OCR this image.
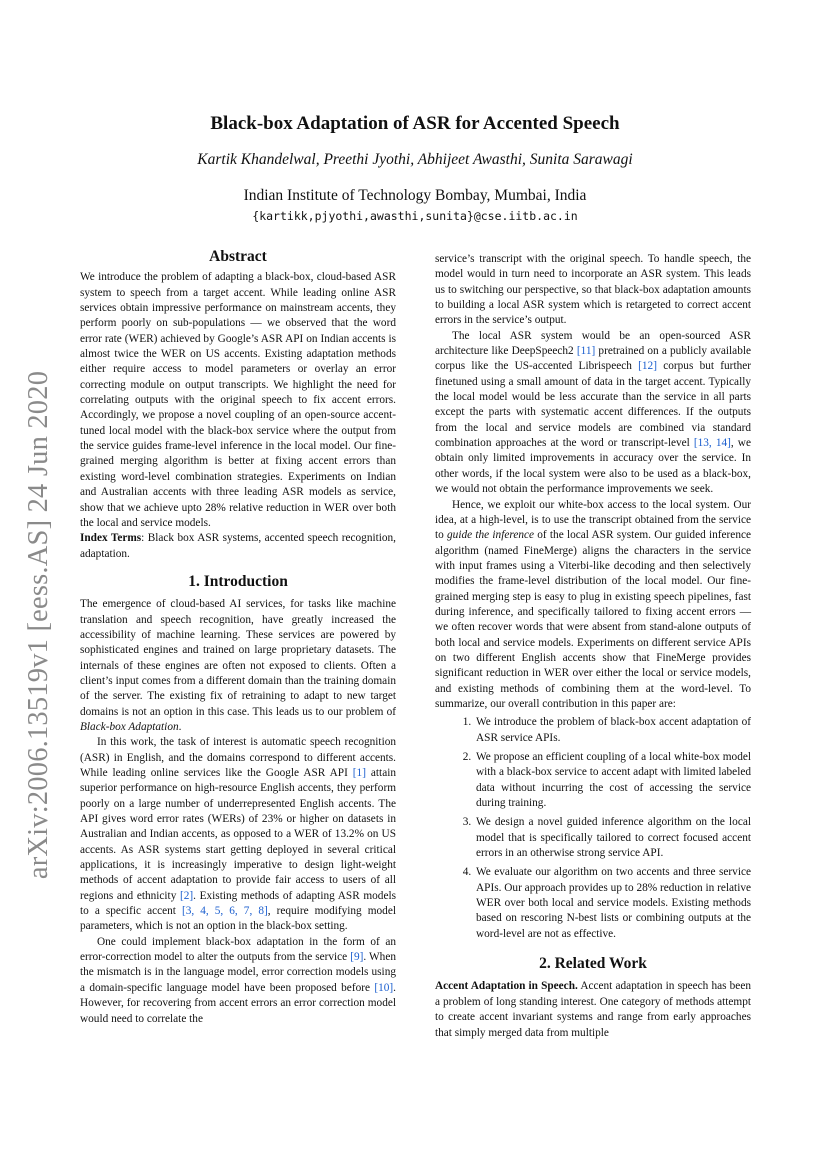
arXiv:2006.13519v1 [eess.AS] 24 Jun 2020
Black-box Adaptation of ASR for Accented Speech

Kartik Khandelwal, Preethi Jyothi, Abhijeet Awasthi, Sunita Sarawagi

Indian Institute of Technology Bombay, Mumbai, India

{kartikk,pjyothi,awasthi,sunita}@cse.iitb.ac.in

Abstract

We introduce the problem of adapting a black-box, cloud-based ASR system to speech from a target accent. While leading online ASR services obtain impressive performance on mainstream accents, they perform poorly on sub-populations — we observed that the word error rate (WER) achieved by Google’s ASR API on Indian accents is almost twice the WER on US accents. Existing adaptation methods either require access to model parameters or overlay an error correcting module on output transcripts. We highlight the need for correlating outputs with the original speech to fix accent errors. Accordingly, we propose a novel coupling of an open-source accent-tuned local model with the black-box service where the output from the service guides frame-level inference in the local model. Our fine-grained merging algorithm is better at fixing accent errors than existing word-level combination strategies. Experiments on Indian and Australian accents with three leading ASR models as service, show that we achieve upto 28% relative reduction in WER over both the local and service models.

Index Terms: Black box ASR systems, accented speech recognition, adaptation.

1. Introduction

The emergence of cloud-based AI services, for tasks like machine translation and speech recognition, have greatly increased the accessibility of machine learning. These services are powered by sophisticated engines and trained on large proprietary datasets. The internals of these engines are often not exposed to clients. Often a client’s input comes from a different domain than the training domain of the server. The existing fix of retraining to adapt to new target domains is not an option in this case. This leads us to our problem of Black-box Adaptation.

In this work, the task of interest is automatic speech recognition (ASR) in English, and the domains correspond to different accents. While leading online services like the Google ASR API [1] attain superior performance on high-resource English accents, they perform poorly on a large number of underrepresented English accents. The API gives word error rates (WERs) of 23% or higher on datasets in Australian and Indian accents, as opposed to a WER of 13.2% on US accents. As ASR systems start getting deployed in several critical applications, it is increasingly imperative to design light-weight methods of accent adaptation to provide fair access to users of all regions and ethnicity [2]. Existing methods of adapting ASR models to a specific accent [3, 4, 5, 6, 7, 8], require modifying model parameters, which is not an option in the black-box setting.

One could implement black-box adaptation in the form of an error-correction model to alter the outputs from the service [9]. When the mismatch is in the language model, error correction models using a domain-specific language model have been proposed before [10]. However, for recovering from accent errors an error correction model would need to correlate the

service’s transcript with the original speech. To handle speech, the model would in turn need to incorporate an ASR system. This leads us to switching our perspective, so that black-box adaptation amounts to building a local ASR system which is retargeted to correct accent errors in the service’s output.

The local ASR system would be an open-sourced ASR architecture like DeepSpeech2 [11] pretrained on a publicly available corpus like the US-accented Librispeech [12] corpus but further finetuned using a small amount of data in the target accent. Typically the local model would be less accurate than the service in all parts except the parts with systematic accent differences. If the outputs from the local and service models are combined via standard combination approaches at the word or transcript-level [13, 14], we obtain only limited improvements in accuracy over the service. In other words, if the local system were also to be used as a black-box, we would not obtain the performance improvements we seek.

Hence, we exploit our white-box access to the local system. Our idea, at a high-level, is to use the transcript obtained from the service to guide the inference of the local ASR system. Our guided inference algorithm (named FineMerge) aligns the characters in the service with input frames using a Viterbi-like decoding and then selectively modifies the frame-level distribution of the local model. Our fine-grained merging step is easy to plug in existing speech pipelines, fast during inference, and specifically tailored to fixing accent errors — we often recover words that were absent from stand-alone outputs of both local and service models. Experiments on different service APIs on two different English accents show that FineMerge provides significant reduction in WER over either the local or service models, and existing methods of combining them at the word-level. To summarize, our overall contribution in this paper are:

1. We introduce the problem of black-box accent adaptation of ASR service APIs.
2. We propose an efficient coupling of a local white-box model with a black-box service to accent adapt with limited labeled data without incurring the cost of accessing the service during training.
3. We design a novel guided inference algorithm on the local model that is specifically tailored to correct focused accent errors in an otherwise strong service API.
4. We evaluate our algorithm on two accents and three service APIs. Our approach provides up to 28% reduction in relative WER over both local and service models. Existing methods based on rescoring N-best lists or combining outputs at the word-level are not as effective.
2. Related Work

Accent Adaptation in Speech. Accent adaptation in speech has been a problem of long standing interest. One category of methods attempt to create accent invariant systems and range from early approaches that simply merged data from multiple
